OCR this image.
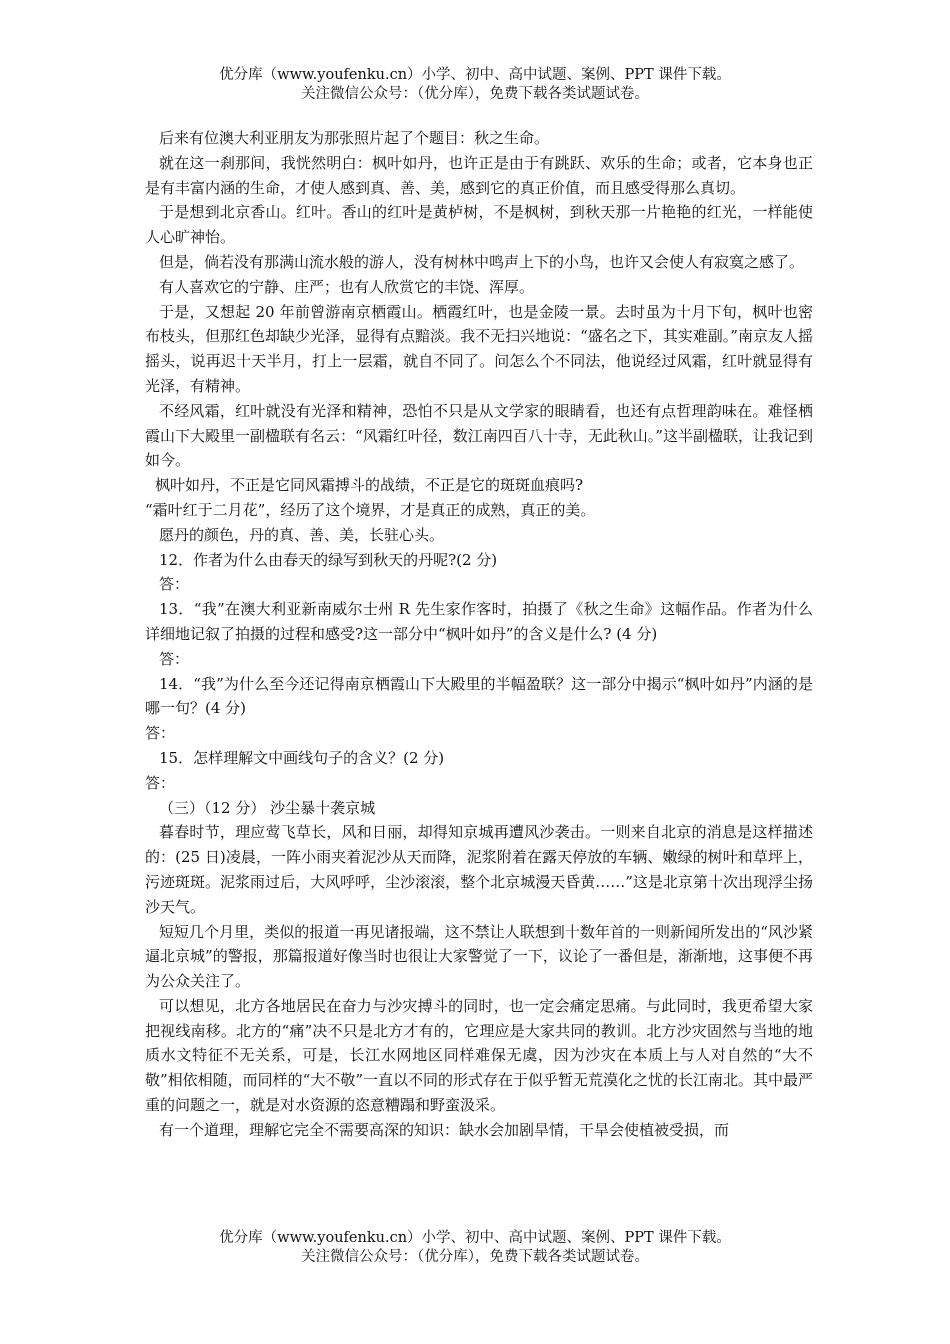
优分库（www.youfenku.cn）小学、初中、高中试题、案例、PPT 课件下载。
关注微信公众号：（优分库），免费下载各类试题试卷。

后来有位澳大利亚朋友为那张照片起了个题目：秋之生命。

就在这一刹那间，我恍然明白：枫叶如丹，也许正是由于有跳跃、欢乐的生命；或者，它本身也正是有丰富内涵的生命，才使人感到真、善、美，感到它的真正价值，而且感受得那么真切。

于是想到北京香山。红叶。香山的红叶是黄栌树，不是枫树，到秋天那一片艳艳的红光，一样能使人心旷神怡。

但是，倘若没有那满山流水般的游人，没有树林中鸣声上下的小鸟，也许又会使人有寂寞之感了。

有人喜欢它的宁静、庄严；也有人欣赏它的丰饶、浑厚。

于是，又想起 20 年前曾游南京栖霞山。栖霞红叶，也是金陵一景。去时虽为十月下旬，枫叶也密布枝头，但那红色却缺少光泽，显得有点黯淡。我不无扫兴地说：“盛名之下，其实难副。”南京友人摇摇头，说再迟十天半月，打上一层霜，就自不同了。问怎么个不同法，他说经过风霜，红叶就显得有光泽，有精神。

不经风霜，红叶就没有光泽和精神，恐怕不只是从文学家的眼睛看，也还有点哲理韵味在。难怪栖霞山下大殿里一副楹联有名云：“风霜红叶径，数江南四百八十寺，无此秋山。”这半副楹联，让我记到如今。

枫叶如丹，不正是它同风霜搏斗的战绩，不正是它的斑斑血痕吗?

“霜叶红于二月花”，经历了这个境界，才是真正的成熟，真正的美。

愿丹的颜色，丹的真、善、美，长驻心头。

12．作者为什么由春天的绿写到秋天的丹呢?(2 分)

答：

13．“我”在澳大利亚新南威尔士州 R 先生家作客时，拍摄了《秋之生命》这幅作品。作者为什么详细地记叙了拍摄的过程和感受?这一部分中“枫叶如丹”的含义是什么? (4 分)

答：

14．“我”为什么至今还记得南京栖霞山下大殿里的半幅盈联？这一部分中揭示“枫叶如丹”内涵的是哪一句？(4 分)

答：

15．怎样理解文中画线句子的含义？(2 分)

答：

（三）（12 分） 沙尘暴十袭京城

暮春时节，理应莺飞草长，风和日丽，却得知京城再遭风沙袭击。一则来自北京的消息是这样描述的：(25 日)凌晨，一阵小雨夹着泥沙从天而降，泥浆附着在露天停放的车辆、嫩绿的树叶和草坪上，污迹斑斑。泥浆雨过后，大风呼呼，尘沙滚滚，整个北京城漫天昏黄……”这是北京第十次出现浮尘扬沙天气。

短短几个月里，类似的报道一再见诸报端，这不禁让人联想到十数年首的一则新闻所发出的“风沙紧逼北京城”的警报，那篇报道好像当时也很让大家警觉了一下，议论了一番但是，渐渐地，这事便不再为公众关注了。

可以想见，北方各地居民在奋力与沙灾搏斗的同时，也一定会痛定思痛。与此同时，我更希望大家把视线南移。北方的“痛”决不只是北方才有的，它理应是大家共同的教训。北方沙灾固然与当地的地质水文特征不无关系，可是，长江水网地区同样难保无虞，因为沙灾在本质上与人对自然的“大不敬”相依相随，而同样的“大不敬”一直以不同的形式存在于似乎暂无荒漠化之忧的长江南北。其中最严重的问题之一，就是对水资源的恣意糟蹋和野蛮汲采。

有一个道理，理解它完全不需要高深的知识：缺水会加剧旱情，干旱会使植被受损，而

优分库（www.youfenku.cn）小学、初中、高中试题、案例、PPT 课件下载。
关注微信公众号：（优分库），免费下载各类试题试卷。
